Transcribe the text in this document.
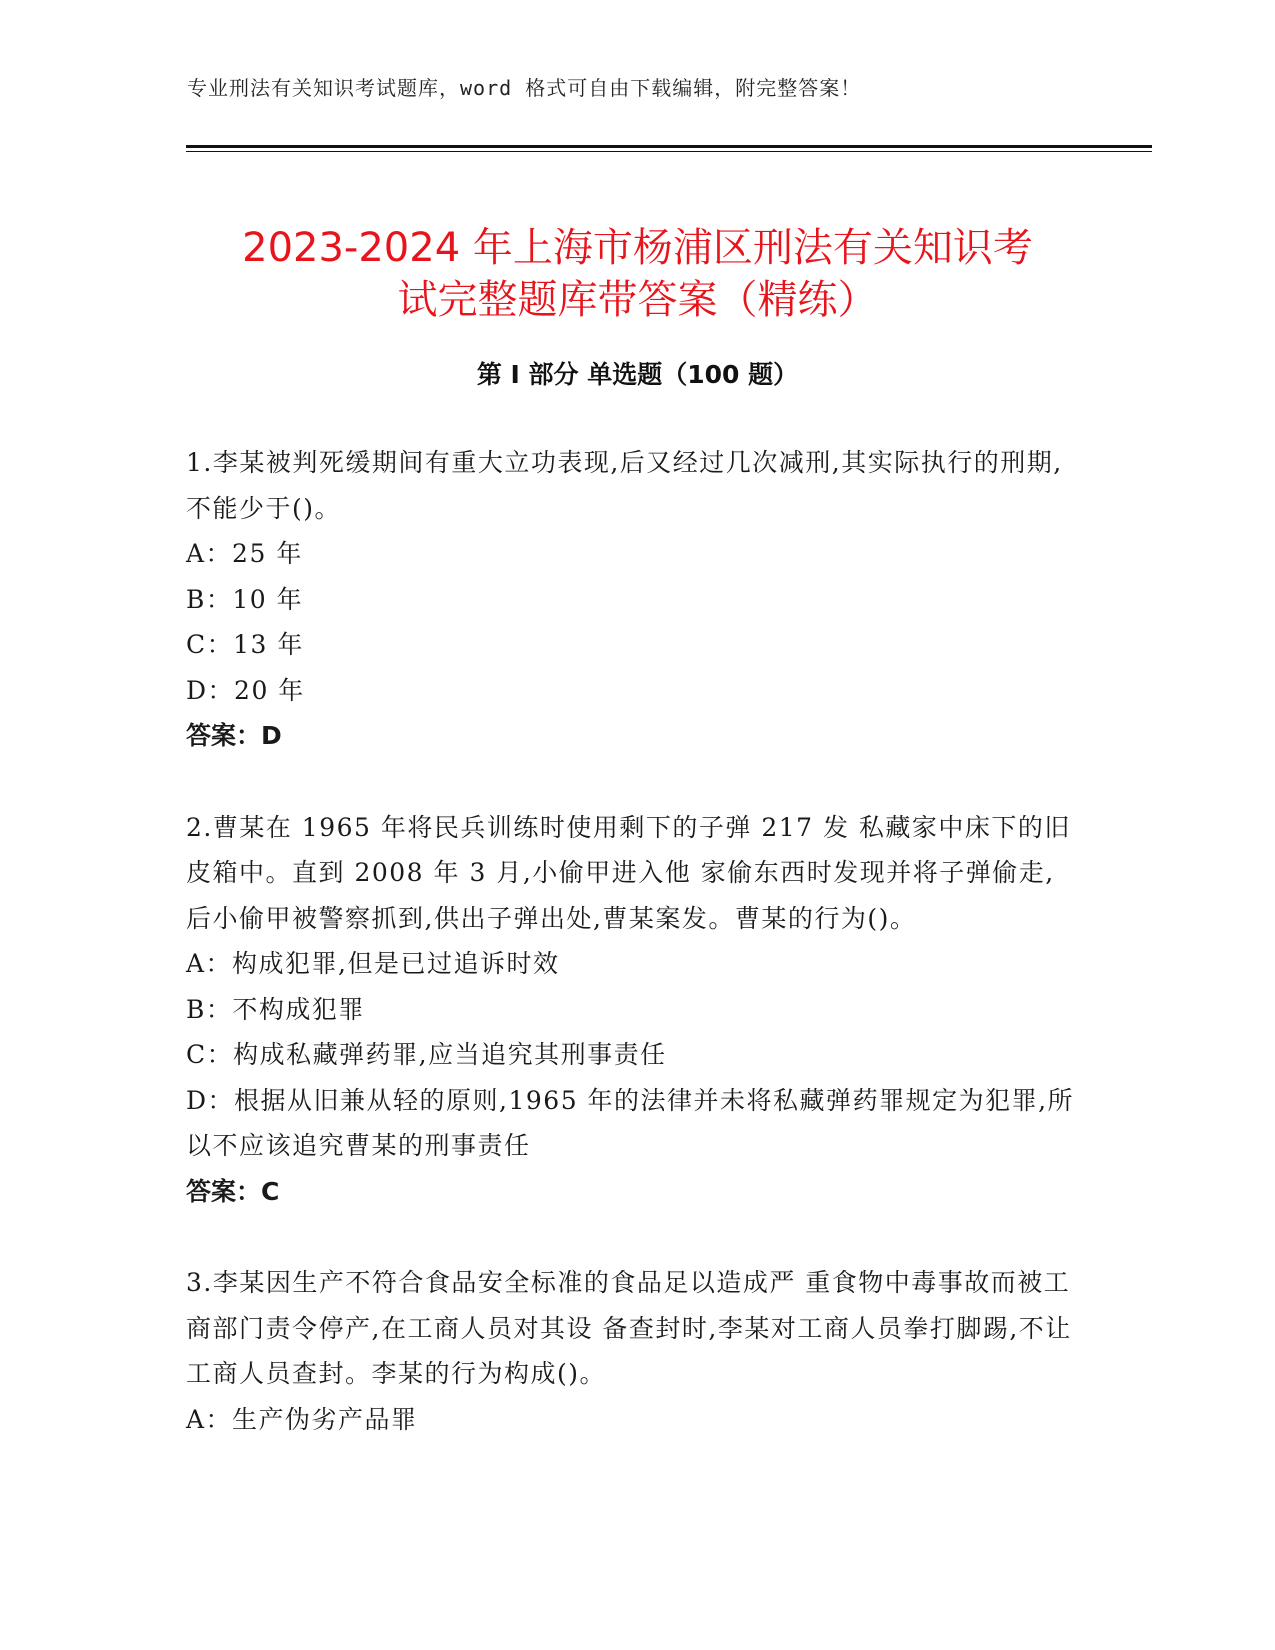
专业刑法有关知识考试题库，word 格式可自由下载编辑，附完整答案！
2023-2024 年上海市杨浦区刑法有关知识考
试完整题库带答案（精练）
第 I 部分 单选题（100 题）

1.李某被判死缓期间有重大立功表现,后又经过几次减刑,其实际执行的刑期,不能少于()。

A：25 年

B：10 年

C：13 年

D：20 年

答案：D

2.曹某在 1965 年将民兵训练时使用剩下的子弹 217 发 私藏家中床下的旧皮箱中。直到 2008 年 3 月,小偷甲进入他 家偷东西时发现并将子弹偷走,后小偷甲被警察抓到,供出子弹出处,曹某案发。曹某的行为()。

A：构成犯罪,但是已过追诉时效

B：不构成犯罪

C：构成私藏弹药罪,应当追究其刑事责任

D：根据从旧兼从轻的原则,1965 年的法律并未将私藏弹药罪规定为犯罪,所以不应该追究曹某的刑事责任

答案：C

3.李某因生产不符合食品安全标准的食品足以造成严 重食物中毒事故而被工商部门责令停产,在工商人员对其设 备查封时,李某对工商人员拳打脚踢,不让工商人员查封。李某的行为构成()。

A：生产伪劣产品罪
